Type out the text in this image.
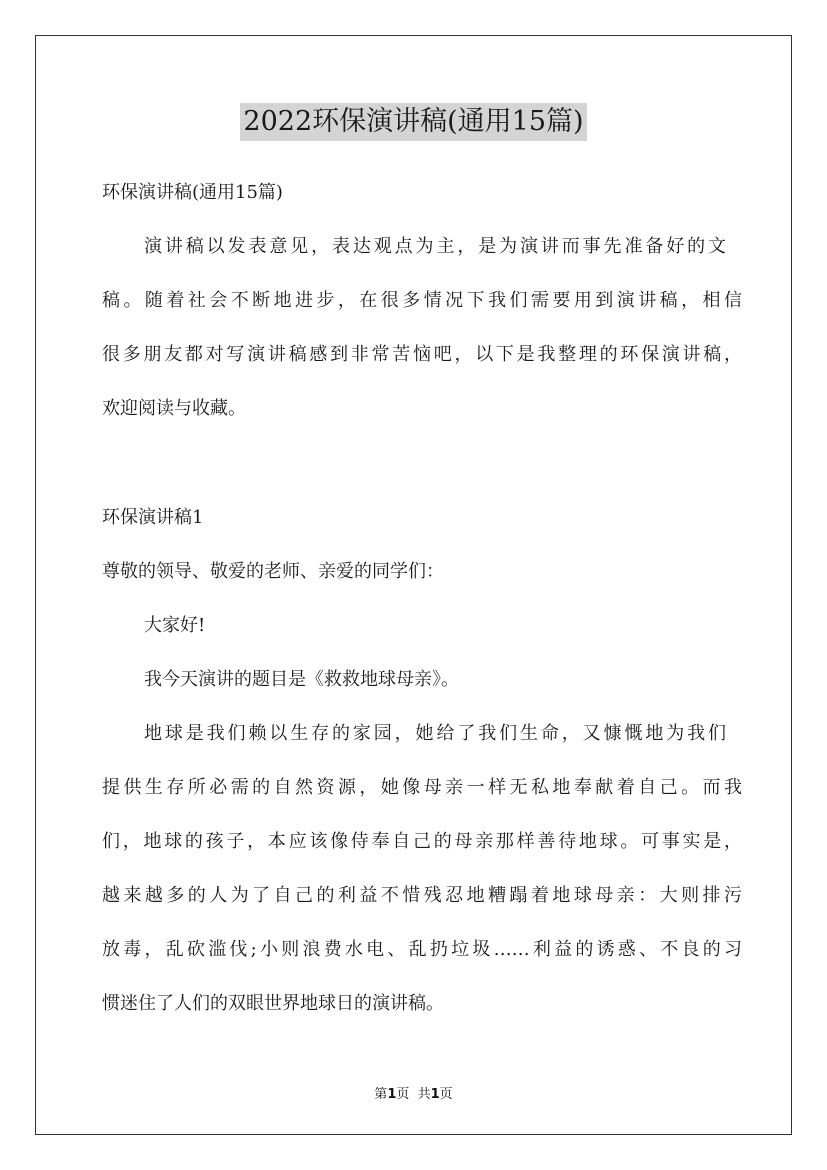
2022环保演讲稿(通用15篇)
环保演讲稿(通用15篇)
演讲稿以发表意见，表达观点为主，是为演讲而事先准备好的文
稿。随着社会不断地进步，在很多情况下我们需要用到演讲稿，相信
很多朋友都对写演讲稿感到非常苦恼吧，以下是我整理的环保演讲稿，
欢迎阅读与收藏。
环保演讲稿1
尊敬的领导、敬爱的老师、亲爱的同学们：
大家好!
我今天演讲的题目是《救救地球母亲》。
地球是我们赖以生存的家园，她给了我们生命，又慷慨地为我们
提供生存所必需的自然资源，她像母亲一样无私地奉献着自己。而我
们，地球的孩子，本应该像侍奉自己的母亲那样善待地球。可事实是，
越来越多的人为了自己的利益不惜残忍地糟蹋着地球母亲：大则排污
放毒，乱砍滥伐;小则浪费水电、乱扔垃圾……利益的诱惑、不良的习
惯迷住了人们的双眼世界地球日的演讲稿。
第1页  共1页
